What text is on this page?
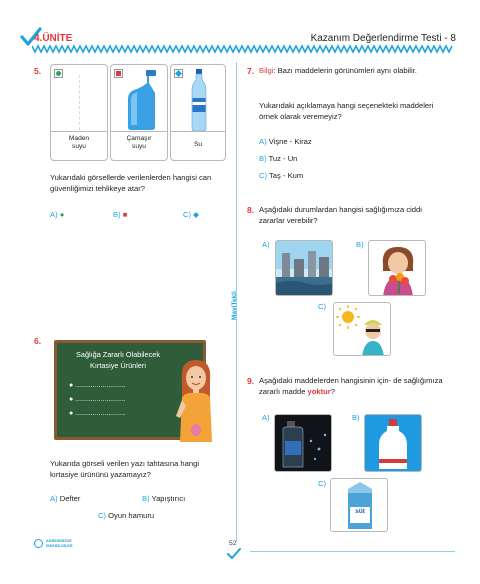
4.ÜNİTE	Kazanım Değerlendirme Testi - 8
MaviTekli
5.
Maden
suyu
Çamaşır
suyu	Su
Yukarıdaki görsellerde verilenlerden hangisi can güvenliğimizi tehlikeye atar?
A) ●	B) ■	C) ◆
6.
Sağlığa Zararlı Olabilecek
Kırtasiye Ürünleri
● ..........................
● ..........................
● ..........................
Yukarıda görseli verilen yazı tahtasına hangi kırtasiye ürününü yazamayız?
A) Defter	B) Yapıştırıcı
C) Oyun hamuru
7. Bilgi: Bazı maddelerin görünümleri aynı olabilir.
Yukarıdaki açıklamaya hangi seçenekteki maddeleri örnek olarak veremeyiz?
A) Vişne - Kiraz
B) Tuz - Un
C) Taş - Kum
8. Aşağıdaki durumlardan hangisi sağlığımıza ciddi zararlar verebilir?
A)	B)
C)
9. Aşağıdaki maddelerden hangisinin için- de sağlığımıza zararlı madde yoktur?
A)	B)
C)
süt
ADRESİNİZDE
İSMİ BİLGİLER	52
